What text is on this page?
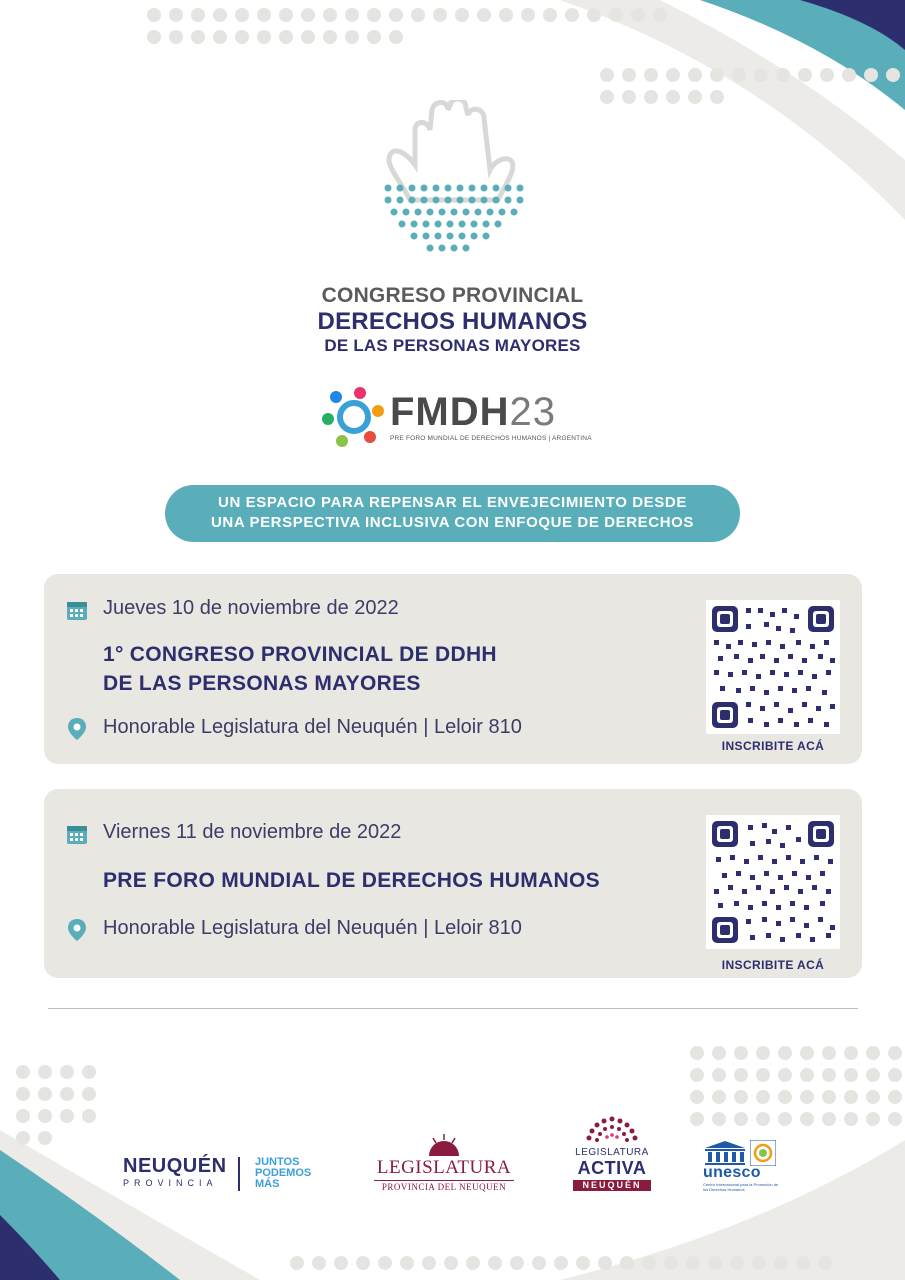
CONGRESO PROVINCIAL
DERECHOS HUMANOS
DE LAS PERSONAS MAYORES
FMDH23
PRE FORO MUNDIAL DE DERECHOS HUMANOS | ARGENTINA
UN ESPACIO PARA REPENSAR EL ENVEJECIMIENTO DESDE
UNA PERSPECTIVA INCLUSIVA CON ENFOQUE DE DERECHOS
Jueves 10 de noviembre de 2022
1° CONGRESO PROVINCIAL DE DDHH
DE LAS PERSONAS MAYORES
Honorable Legislatura del Neuquén | Leloir 810
INSCRIBITE ACÁ
Viernes 11 de noviembre de 2022
PRE FORO MUNDIAL DE DERECHOS HUMANOS
Honorable Legislatura del Neuquén | Leloir 810
INSCRIBITE ACÁ
NEUQUÉN
PROVINCIA
JUNTOS
PODEMOS
MÁS
LEGISLATURA
PROVINCIA DEL NEUQUEN
LEGISLATURA
ACTIVA
NEUQUÉN
unesco
Centro Internacional para la Promoción de los Derechos Humanos
